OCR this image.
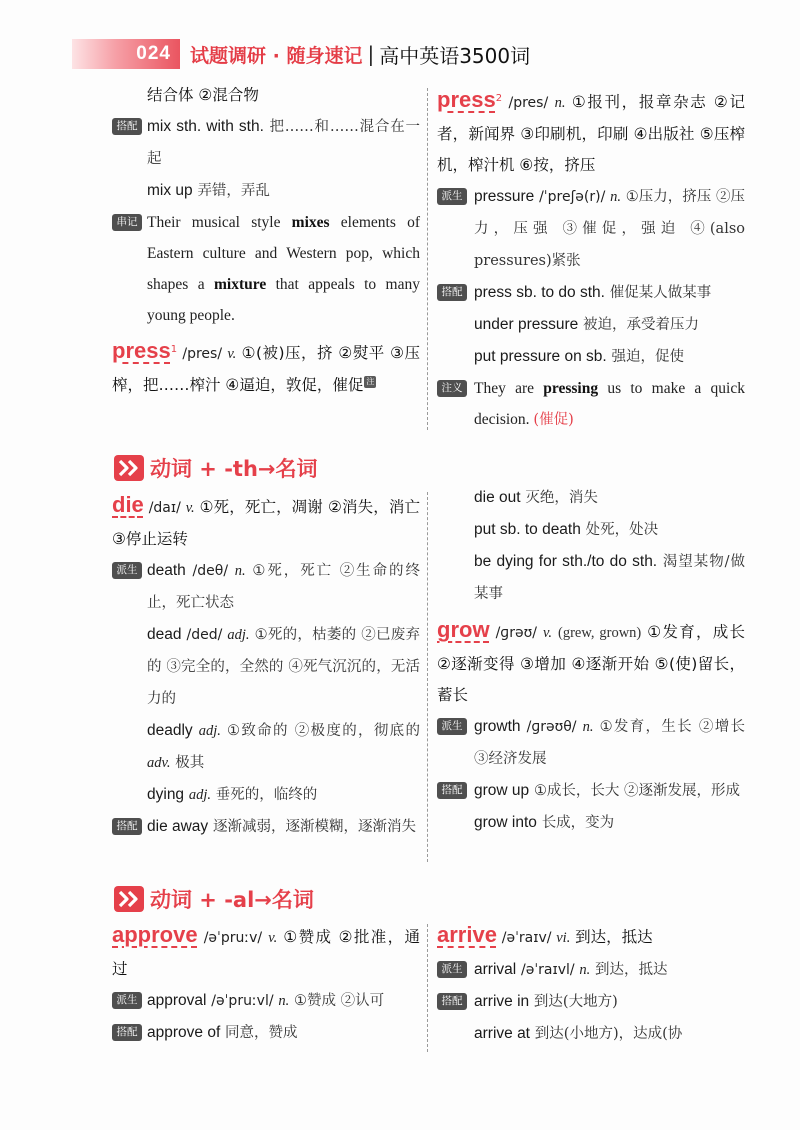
024 试题调研 · 随身速记 | 高中英语3500词
结合体 ②混合物
搭配 mix sth. with sth. 把……和……混合在一起
mix up 弄错，弄乱
串记 Their musical style mixes elements of Eastern culture and Western pop, which shapes a mixture that appeals to many young people.
press$^1$ /pres/ v. ①(被)压，挤 ②熨平 ③压榨，把……榨汁 ④逼迫，敦促，催促 注
press$^2$ /pres/ n. ①报刊，报章杂志 ②记者，新闻界 ③印刷机，印刷 ④出版社 ⑤压榨机，榨汁机 ⑥按，挤压
派生 pressure /ˈpreʃə(r)/ n. ①压力，挤压 ②压力，压强 ③催促，强迫 ④(also pressures)紧张
搭配 press sb. to do sth. 催促某人做某事
under pressure 被迫，承受着压力
put pressure on sb. 强迫，促使
注义 They are pressing us to make a quick decision. (催促)
动词 + -th→名词
die /daɪ/ v. ①死，死亡，凋谢 ②消失，消亡 ③停止运转
派生 death /deθ/ n. ①死，死亡 ②生命的终止，死亡状态
dead /ded/ adj. ①死的，枯萎的 ②已废弃的 ③完全的，全然的 ④死气沉沉的，无活力的
deadly adj. ①致命的 ②极度的，彻底的 adv. 极其
dying adj. 垂死的，临终的
搭配 die away 逐渐减弱，逐渐模糊，逐渐消失
die out 灭绝，消失
put sb. to death 处死，处决
be dying for sth./to do sth. 渴望某物/做某事
grow /ɡrəʊ/ v. (grew, grown) ①发育，成长 ②逐渐变得 ③增加 ④逐渐开始 ⑤(使)留长，蓄长
派生 growth /ɡrəʊθ/ n. ①发育，生长 ②增长 ③经济发展
搭配 grow up ①成长，长大 ②逐渐发展，形成
grow into 长成，变为
动词 + -al→名词
approve /əˈpruːv/ v. ①赞成 ②批准，通过
派生 approval /əˈpruːvl/ n. ①赞成 ②认可
搭配 approve of 同意，赞成
arrive /əˈraɪv/ vi. 到达，抵达
派生 arrival /əˈraɪvl/ n. 到达，抵达
搭配 arrive in 到达(大地方)
arrive at 到达(小地方)，达成(协
